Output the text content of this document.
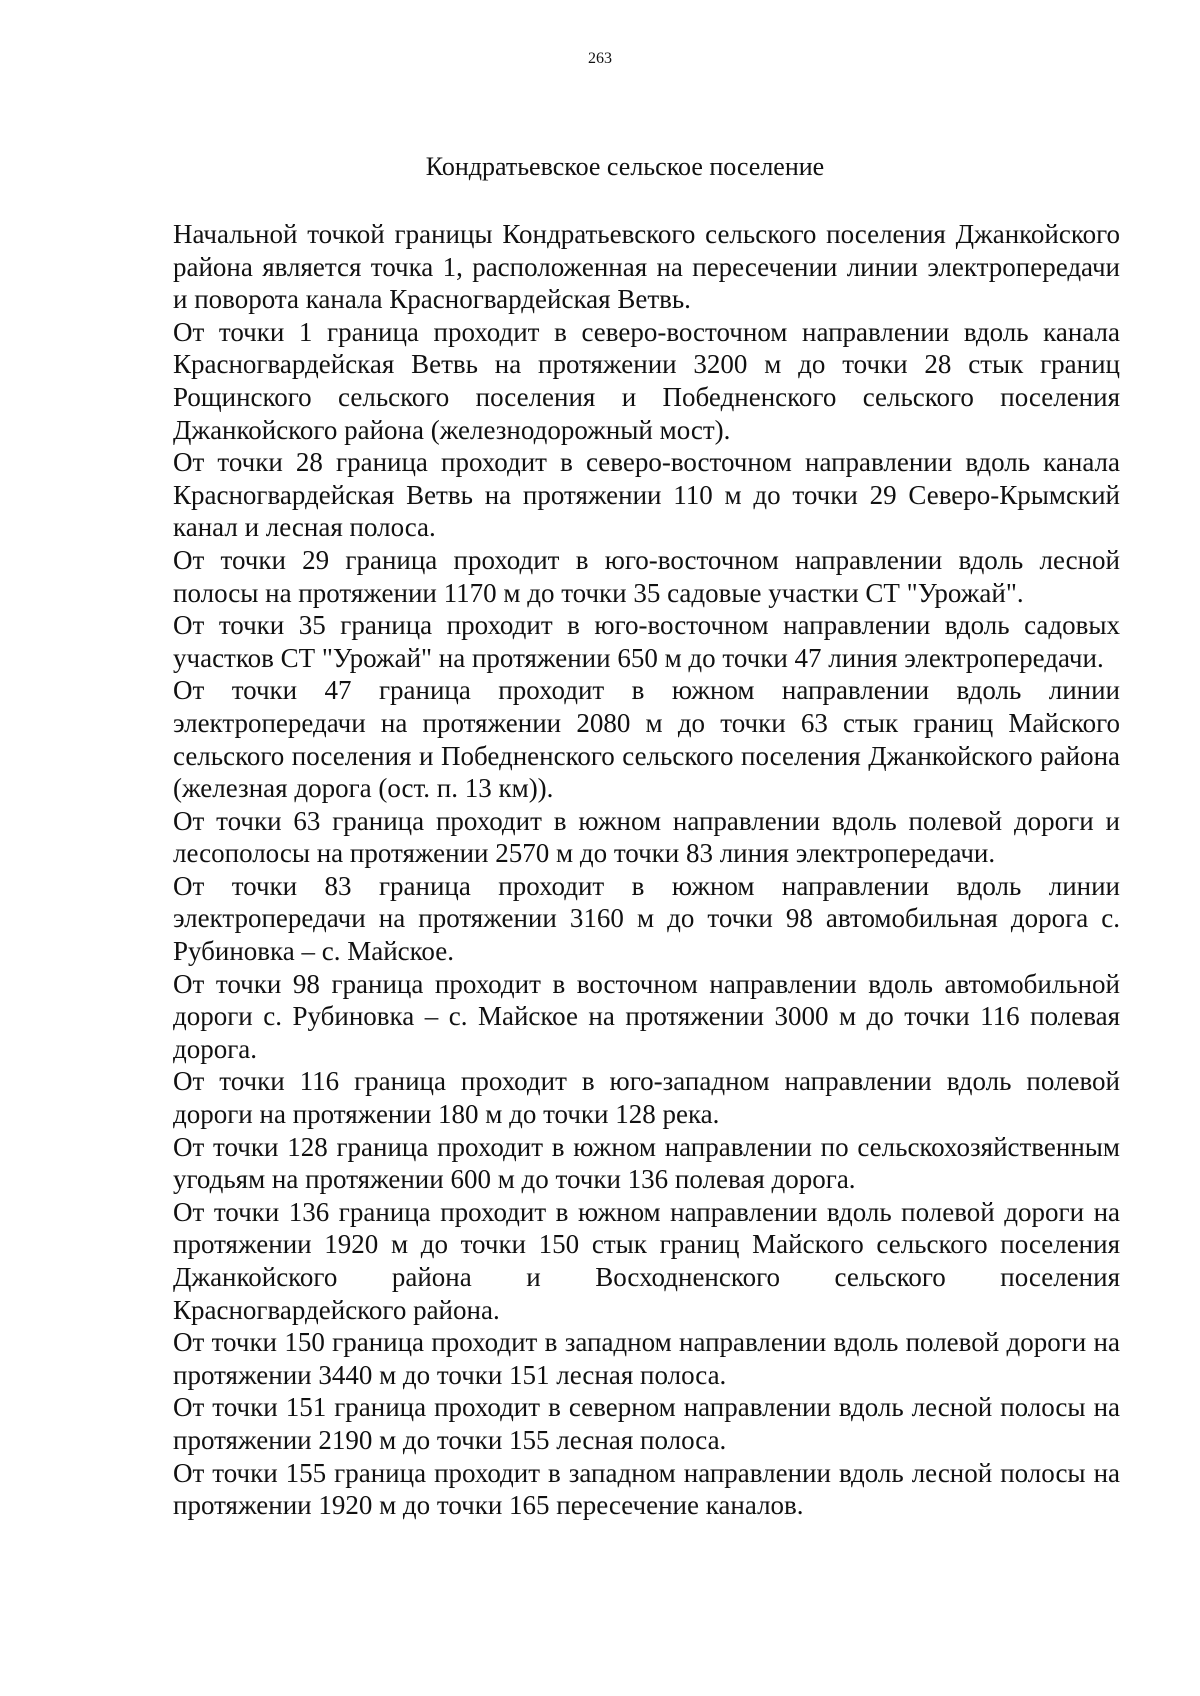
263
Кондратьевское сельское поселение

Начальной точкой границы Кондратьевского сельского поселения Джанкойского района является точка 1, расположенная на пересечении линии электропередачи и поворота канала Красногвардейская Ветвь.

От точки 1 граница проходит в северо-восточном направлении вдоль канала Красногвардейская Ветвь на протяжении 3200 м до точки 28 стык границ Рощинского сельского поселения и Победненского сельского поселения Джанкойского района (железнодорожный мост).

От точки 28 граница проходит в северо-восточном направлении вдоль канала Красногвардейская Ветвь на протяжении 110 м до точки 29 Северо-Крымский канал и лесная полоса.

От точки 29 граница проходит в юго-восточном направлении вдоль лесной полосы на протяжении 1170 м до точки 35 садовые участки СТ "Урожай".

От точки 35 граница проходит в юго-восточном направлении вдоль садовых участков СТ "Урожай" на протяжении 650 м до точки 47 линия электропередачи.

От точки 47 граница проходит в южном направлении вдоль линии электропередачи на протяжении 2080 м до точки 63 стык границ Майского сельского поселения и Победненского сельского поселения Джанкойского района (железная дорога (ост. п. 13 км)).

От точки 63 граница проходит в южном направлении вдоль полевой дороги и лесополосы на протяжении 2570 м до точки 83 линия электропередачи.

От точки 83 граница проходит в южном направлении вдоль линии электропередачи на протяжении 3160 м до точки 98 автомобильная дорога с. Рубиновка – с. Майское.

От точки 98 граница проходит в восточном направлении вдоль автомобильной дороги с. Рубиновка – с. Майское на протяжении 3000 м до точки 116 полевая дорога.

От точки 116 граница проходит в юго-западном направлении вдоль полевой дороги на протяжении 180 м до точки 128 река.

От точки 128 граница проходит в южном направлении по сельскохозяйственным угодьям на протяжении 600 м до точки 136 полевая дорога.

От точки 136 граница проходит в южном направлении вдоль полевой дороги на протяжении 1920 м до точки 150 стык границ Майского сельского поселения Джанкойского района и Восходненского сельского поселения Красногвардейского района.

От точки 150 граница проходит в западном направлении вдоль полевой дороги на протяжении 3440 м до точки 151 лесная полоса.

От точки 151 граница проходит в северном направлении вдоль лесной полосы на протяжении 2190 м до точки 155 лесная полоса.

От точки 155 граница проходит в западном направлении вдоль лесной полосы на протяжении 1920 м до точки 165 пересечение каналов.
